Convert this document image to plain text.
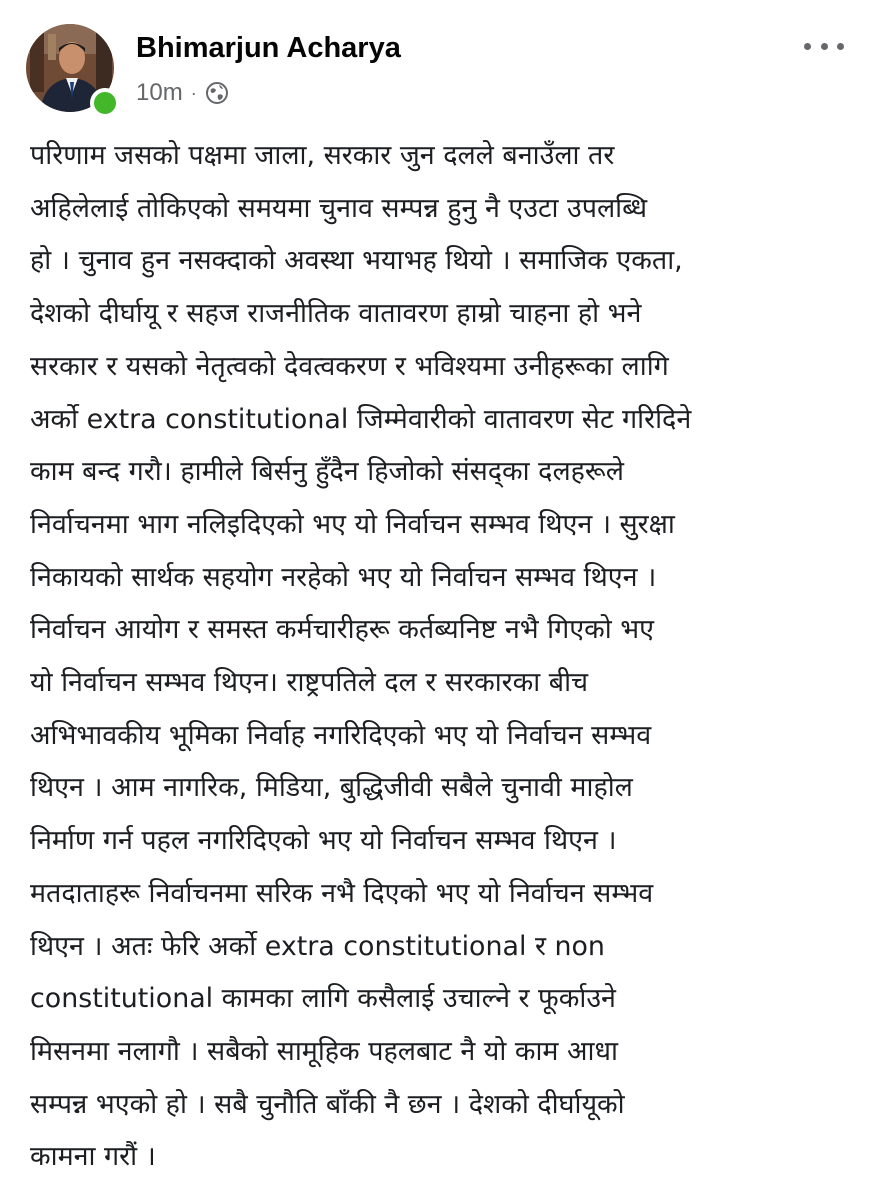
Bhimarjun Acharya
10m ·

परिणाम जसको पक्षमा जाला, सरकार जुन दलले बनाउँला तर
अहिलेलाई तोकिएको समयमा चुनाव सम्पन्न हुनु नै एउटा उपलब्धि
हो । चुनाव हुन नसक्दाको अवस्था भयाभह थियो । समाजिक एकता,
देशको दीर्घायू र सहज राजनीतिक वातावरण हाम्रो चाहना हो भने
सरकार र यसको नेतृत्वको देवत्वकरण र भविश्यमा उनीहरूका लागि
अर्को extra constitutional जिम्मेवारीको वातावरण सेट गरिदिने
काम बन्द गरौ। हामीले बिर्सनु हुँदैन हिजोको संसद्का दलहरूले
निर्वाचनमा भाग नलिइदिएको भए यो निर्वाचन सम्भव थिएन । सुरक्षा
निकायको सार्थक सहयोग नरहेको भए यो निर्वाचन सम्भव थिएन ।
निर्वाचन आयोग र समस्त कर्मचारीहरू कर्तब्यनिष्ट नभै गिएको भए
यो निर्वाचन सम्भव थिएन। राष्ट्रपतिले दल र सरकारका बीच
अभिभावकीय भूमिका निर्वाह नगरिदिएको भए यो निर्वाचन सम्भव
थिएन । आम नागरिक, मिडिया, बुद्धिजीवी सबैले चुनावी माहोल
निर्माण गर्न पहल नगरिदिएको भए यो निर्वाचन सम्भव थिएन ।
मतदाताहरू निर्वाचनमा सरिक नभै दिएको भए यो निर्वाचन सम्भव
थिएन । अतः फेरि अर्को extra constitutional र non
constitutional कामका लागि कसैलाई उचाल्ने र फूर्काउने
मिसनमा नलागौ । सबैको सामूहिक पहलबाट नै यो काम आधा
सम्पन्न भएको हो । सबै चुनौति बाँकी नै छन । देशको दीर्घायूको
कामना गरौं ।
